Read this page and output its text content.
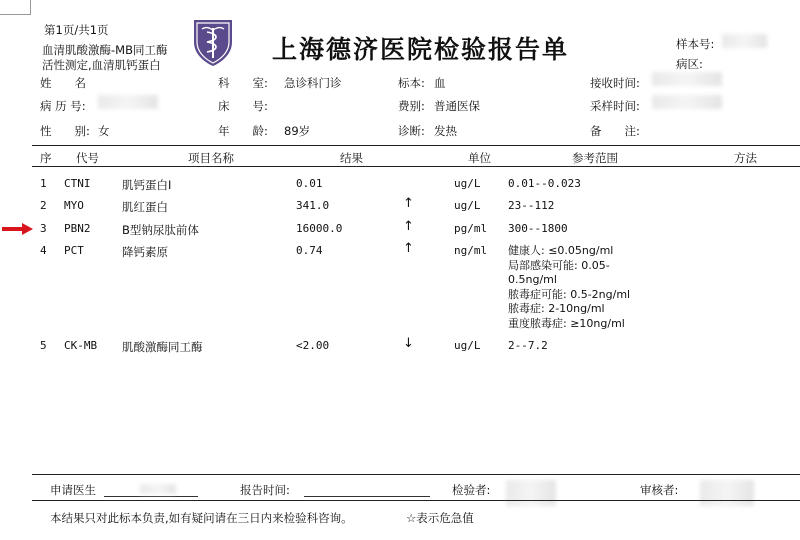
第1页/共1页
血清肌酸激酶-MB同工酶
活性测定,血清肌钙蛋白
上海德济医院检验报告单	样本号:
病区:
姓　　名
病 历 号:
性　　别: 女
科　　室: 急诊科门诊
床　　号:
年　　龄: 89岁
标本: 血
费别: 普通医保
诊断: 发热
接收时间:
采样时间:
备　　注:
序 代号	项目名称	结果	单位	参考范围	方法
1 CTNI	肌钙蛋白I	0.01	ug/L	0.01--0.023
2 MYO	肌红蛋白	341.0	↑	ug/L	23--112
3 PBN2	B型钠尿肽前体	16000.0	↑	pg/ml 300--1800
4 PCT	降钙素原	0.74	↑	ng/ml 健康人: ≤0.05ng/ml
局部感染可能: 0.05-
0.5ng/ml
脓毒症可能: 0.5-2ng/ml
脓毒症: 2-10ng/ml
重度脓毒症: ≥10ng/ml
5 CK-MB 肌酸激酶同工酶	<2.00	↓	ug/L	2--7.2
申请医生	报告时间:	检验者:	审核者:
本结果只对此标本负责,如有疑问请在三日内来检验科咨询。	☆表示危急值
